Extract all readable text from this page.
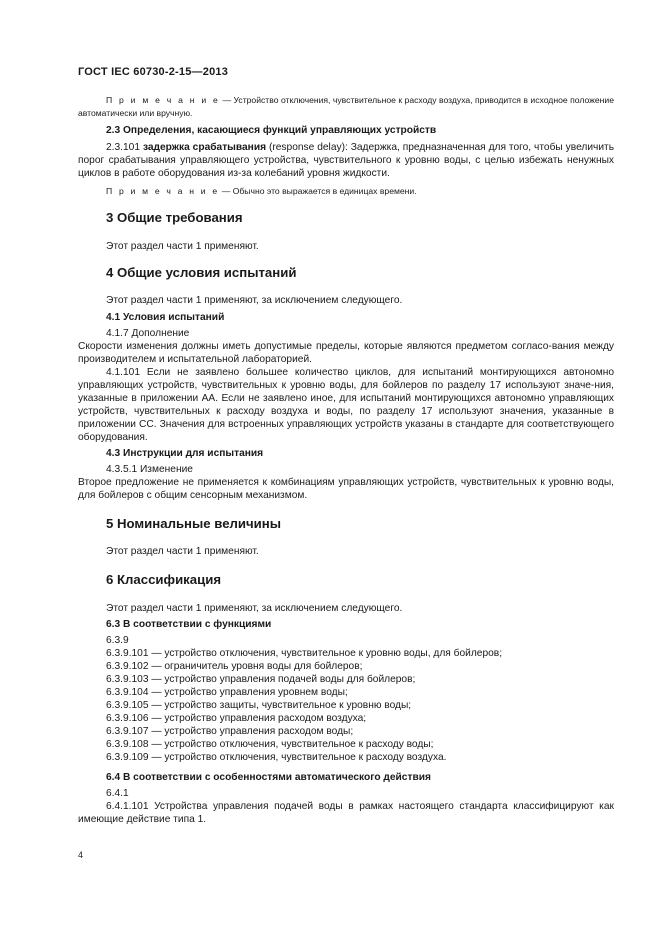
ГОСТ IEC 60730-2-15—2013

П р и м е ч а н и е — Устройство отключения, чувствительное к расходу воздуха, приводится в исходное положение автоматически или вручную.

2.3 Определения, касающиеся функций управляющих устройств

2.3.101 задержка срабатывания (response delay): Задержка, предназначенная для того, чтобы увеличить порог срабатывания управляющего устройства, чувствительного к уровню воды, с целью избежать ненужных циклов в работе оборудования из-за колебаний уровня жидкости.

П р и м е ч а н и е — Обычно это выражается в единицах времени.

3 Общие требования

Этот раздел части 1 применяют.

4 Общие условия испытаний

Этот раздел части 1 применяют, за исключением следующего.

4.1 Условия испытаний

4.1.7 Дополнение

Скорости изменения должны иметь допустимые пределы, которые являются предметом согласо-вания между производителем и испытательной лабораторией.

4.1.101 Если не заявлено большее количество циклов, для испытаний монтирующихся автономно управляющих устройств, чувствительных к уровню воды, для бойлеров по разделу 17 используют значе-ния, указанные в приложении АА. Если не заявлено иное, для испытаний монтирующихся автономно управляющих устройств, чувствительных к расходу воздуха и воды, по разделу 17 используют значения, указанные в приложении СС. Значения для встроенных управляющих устройств указаны в стандарте для соответствующего оборудования.

4.3 Инструкции для испытания

4.3.5.1 Изменение

Второе предложение не применяется к комбинациям управляющих устройств, чувствительных к уровню воды, для бойлеров с общим сенсорным механизмом.

5 Номинальные величины

Этот раздел части 1 применяют.

6 Классификация

Этот раздел части 1 применяют, за исключением следующего.

6.3 В соответствии с функциями

6.3.9
6.3.9.101 — устройство отключения, чувствительное к уровню воды, для бойлеров;
6.3.9.102 — ограничитель уровня воды для бойлеров;
6.3.9.103 — устройство управления подачей воды для бойлеров;
6.3.9.104 — устройство управления уровнем воды;
6.3.9.105 — устройство защиты, чувствительное к уровню воды;
6.3.9.106 — устройство управления расходом воздуха;
6.3.9.107 — устройство управления расходом воды;
6.3.9.108 — устройство отключения, чувствительное к расходу воды;
6.3.9.109 — устройство отключения, чувствительное к расходу воздуха.

6.4 В соответствии с особенностями автоматического действия

6.4.1

6.4.1.101 Устройства управления подачей воды в рамках настоящего стандарта классифицируют как имеющие действие типа 1.

4
